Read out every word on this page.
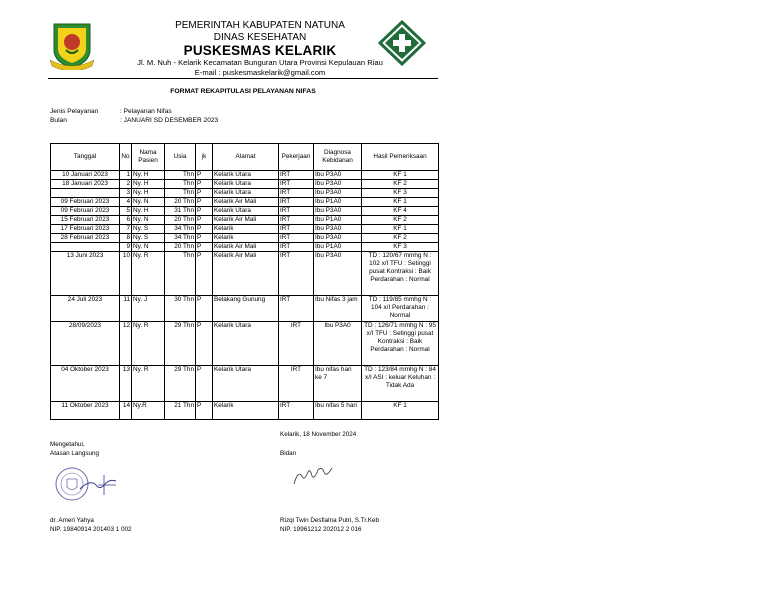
PEMERINTAH KABUPATEN NATUNA
DINAS KESEHATAN
PUSKESMAS KELARIK
Jl. M. Nuh - Kelarik Kecamatan Bunguran Utara Provinsi Kepulauan Riau
E-mail : puskesmaskelarik@gmail.com
FORMAT REKAPITULASI PELAYANAN NIFAS
Jenis Pelayanan	: Pelayanan Nifas
Bulan	: JANUARI SD DESEMBER 2023
Tanggal	No	Nama Pasien	Usia	jk	Alamat	Pekerjaan	Diagnosa Kebidanan	Hasil Pemeriksaan
10 Januari 2023	1	Ny. H	Thn	P	Kelarik Utara	IRT	Ibu P3A0	KF 1
18 Januari 2023	2	Ny. H	Thn	P	Kelarik Utara	IRT	Ibu P3A0	KF 2
	3	Ny. H	Thn	P	Kelarik Utara	IRT	Ibu P3A0	KF 3
09 Februari 2023	4	Ny. N	20 Thn	P	Kelarik Air Mali	IRT	Ibu P1A0	KF 1
09 Februari 2023	5	Ny. H	31 Thn	P	Kelarik Utara	IRT	Ibu P3A0	KF 4
15 Februari 2023	6	Ny. N	20 Thn	P	Kelarik Air Mali	IRT	Ibu P1A0	KF 2
17 Februari 2023	7	Ny. S	34 Thn	P	Kelarik	IRT	Ibu P3A0	KF 1
28 Februari 2023	8	Ny. S	34 Thn	P	Kelarik	IRT	Ibu P3A0	KF 2
	9	Ny. N	20 Thn	P	Kelarik Air Mali	IRT	Ibu P1A0	KF 3
13 Juni 2023	10	Ny. R	Thn	P	Kelarik Air Mali	IRT	Ibu P3A0	TD : 120/67 mmhg N : 102 x/I TFU : Setinggi pusat Kontraksi : Baik Perdarahan : Normal
24 Juli 2023	11	Ny. J	30 Thn	P	Belakang Gunung	IRT	Ibu Nifas 3 jam	TD : 119/85 mmhg N : 104 x/I Perdarahan : Normal
28/09/2023	12	Ny. R	29 Thn	P	Kelarik Utara	IRT	Ibu P3A0	TD : 126/71 mmhg N : 95 x/I TFU : Setinggi pusat Kontraksi : Baik Perdarahan : Normal
04 Oktober 2023	13	Ny. R	29 Thn	P	Kelarik Utara	IRT	Ibu nifas hari ke 7	TD : 123/84 mmhg N : 84 x/I ASI : keluar Keluhan : Tidak Ada
11 Oktober 2023	14	Ny.R	21 Thn	P	Kelarik	IRT	Ibu nifas 5 hari	KF 1
Kelarik, 18 November 2024
Mengetahui,
Atasan Langsung	Bidan
dr. Ameri Yahya
NIP. 19840914 201403 1 002
Rizqi Twin Desfialna Putri, S.Tr.Keb
NIP. 19961212 202012 2 016
